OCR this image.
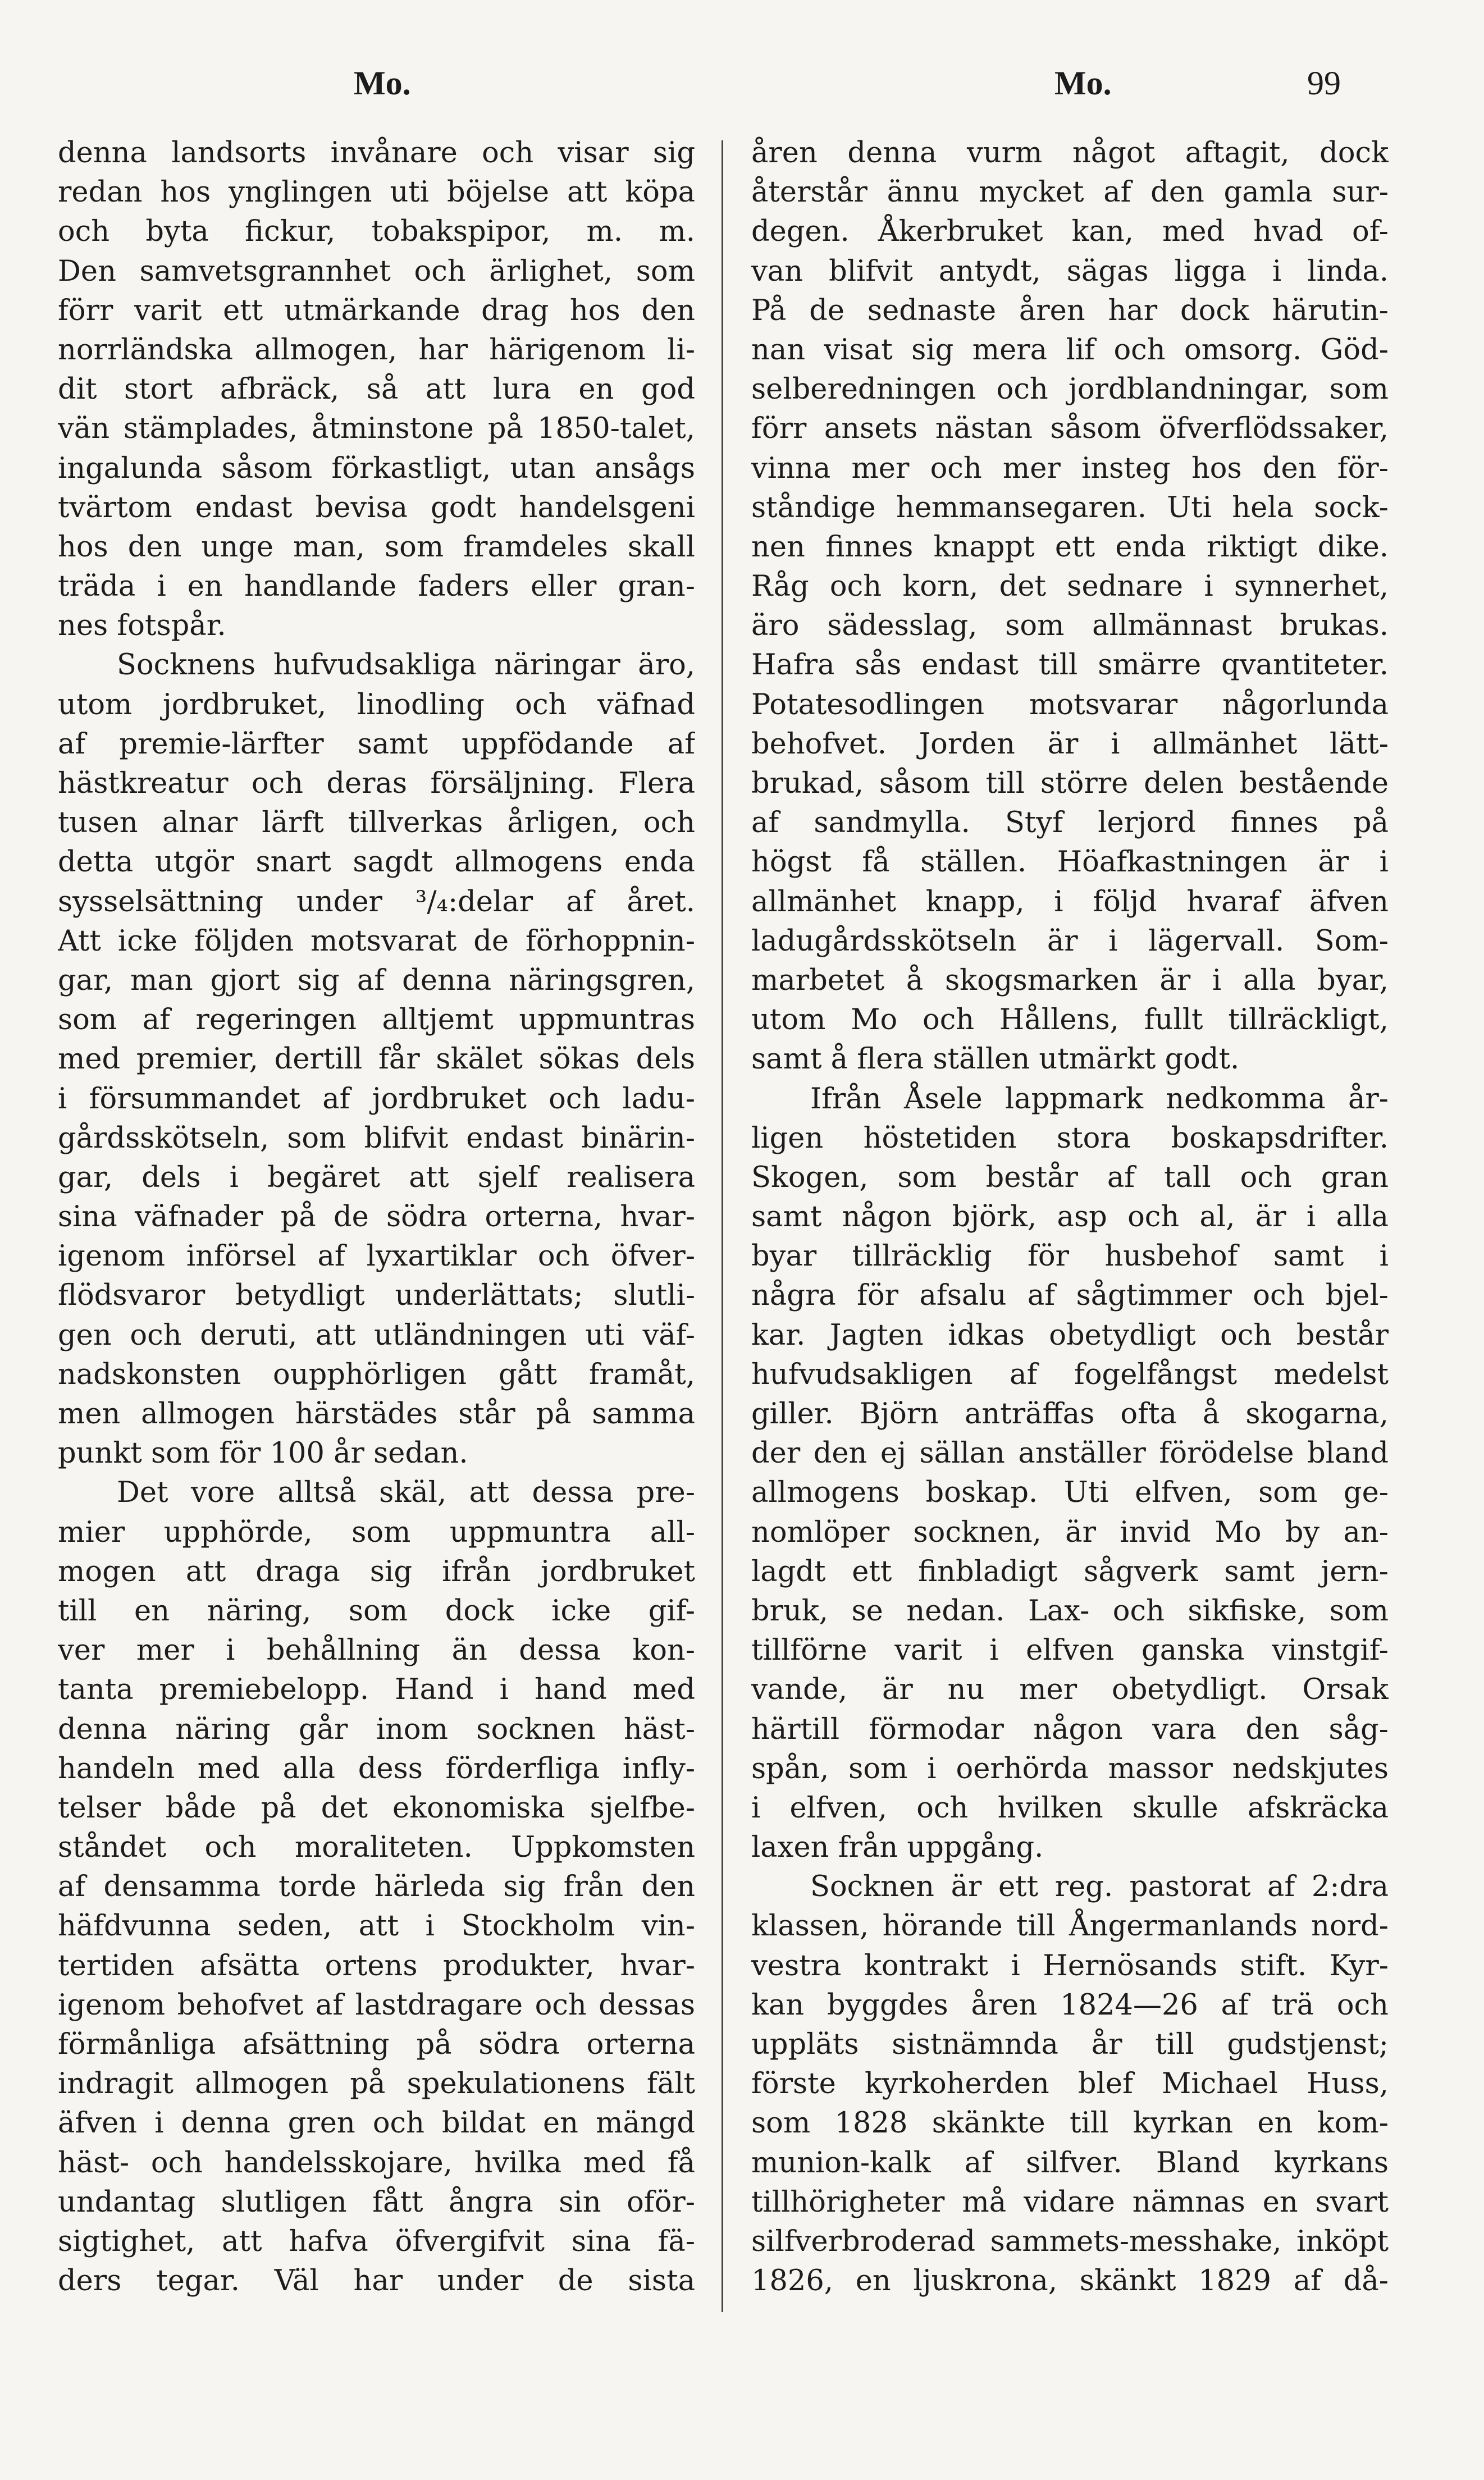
Mo.	Mo.	99
denna landsorts invånare och visar sig
redan hos ynglingen uti böjelse att köpa
och byta fickur, tobakspipor, m. m.
Den samvetsgrannhet och ärlighet, som
förr varit ett utmärkande drag hos den
norrländska allmogen, har härigenom li-
dit stort afbräck, så att lura en god
vän stämplades, åtminstone på 1850-talet,
ingalunda såsom förkastligt, utan ansågs
tvärtom endast bevisa godt handelsgeni
hos den unge man, som framdeles skall
träda i en handlande faders eller gran-
nes fotspår.
Socknens hufvudsakliga näringar äro,
utom jordbruket, linodling och väfnad
af premie-lärfter samt uppfödande af
hästkreatur och deras försäljning. Flera
tusen alnar lärft tillverkas årligen, och
detta utgör snart sagdt allmogens enda
sysselsättning under ³/₄:delar af året.
Att icke följden motsvarat de förhoppnin-
gar, man gjort sig af denna näringsgren,
som af regeringen alltjemt uppmuntras
med premier, dertill får skälet sökas dels
i försummandet af jordbruket och ladu-
gårdsskötseln, som blifvit endast binärin-
gar, dels i begäret att sjelf realisera
sina väfnader på de södra orterna, hvar-
igenom införsel af lyxartiklar och öfver-
flödsvaror betydligt underlättats; slutli-
gen och deruti, att utländningen uti väf-
nadskonsten oupphörligen gått framåt,
men allmogen härstädes står på samma
punkt som för 100 år sedan.
Det vore alltså skäl, att dessa pre-
mier upphörde, som uppmuntra all-
mogen att draga sig ifrån jordbruket
till en näring, som dock icke gif-
ver mer i behållning än dessa kon-
tanta premiebelopp. Hand i hand med
denna näring går inom socknen häst-
handeln med alla dess förderfliga infly-
telser både på det ekonomiska sjelfbe-
ståndet och moraliteten. Uppkomsten
af densamma torde härleda sig från den
häfdvunna seden, att i Stockholm vin-
tertiden afsätta ortens produkter, hvar-
igenom behofvet af lastdragare och dessas
förmånliga afsättning på södra orterna
indragit allmogen på spekulationens fält
äfven i denna gren och bildat en mängd
häst- och handelsskojare, hvilka med få
undantag slutligen fått ångra sin oför-
sigtighet, att hafva öfvergifvit sina fä-
ders tegar. Väl har under de sista
åren denna vurm något aftagit, dock
återstår ännu mycket af den gamla sur-
degen. Åkerbruket kan, med hvad of-
van blifvit antydt, sägas ligga i linda.
På de sednaste åren har dock härutin-
nan visat sig mera lif och omsorg. Göd-
selberedningen och jordblandningar, som
förr ansets nästan såsom öfverflödssaker,
vinna mer och mer insteg hos den för-
ståndige hemmansegaren. Uti hela sock-
nen finnes knappt ett enda riktigt dike.
Råg och korn, det sednare i synnerhet,
äro sädesslag, som allmännast brukas.
Hafra sås endast till smärre qvantiteter.
Potatesodlingen motsvarar någorlunda
behofvet. Jorden är i allmänhet lätt-
brukad, såsom till större delen bestående
af sandmylla. Styf lerjord finnes på
högst få ställen. Höafkastningen är i
allmänhet knapp, i följd hvaraf äfven
ladugårdsskötseln är i lägervall. Som-
marbetet å skogsmarken är i alla byar,
utom Mo och Hållens, fullt tillräckligt,
samt å flera ställen utmärkt godt.
Ifrån Åsele lappmark nedkomma år-
ligen höstetiden stora boskapsdrifter.
Skogen, som består af tall och gran
samt någon björk, asp och al, är i alla
byar tillräcklig för husbehof samt i
några för afsalu af sågtimmer och bjel-
kar. Jagten idkas obetydligt och består
hufvudsakligen af fogelfångst medelst
giller. Björn anträffas ofta å skogarna,
der den ej sällan anställer förödelse bland
allmogens boskap. Uti elfven, som ge-
nomlöper socknen, är invid Mo by an-
lagdt ett finbladigt sågverk samt jern-
bruk, se nedan. Lax- och sikfiske, som
tillförne varit i elfven ganska vinstgif-
vande, är nu mer obetydligt. Orsak
härtill förmodar någon vara den såg-
spån, som i oerhörda massor nedskjutes
i elfven, och hvilken skulle afskräcka
laxen från uppgång.
Socknen är ett reg. pastorat af 2:dra
klassen, hörande till Ångermanlands nord-
vestra kontrakt i Hernösands stift. Kyr-
kan byggdes åren 1824—26 af trä och
uppläts sistnämnda år till gudstjenst;
förste kyrkoherden blef Michael Huss,
som 1828 skänkte till kyrkan en kom-
munion-kalk af silfver. Bland kyrkans
tillhörigheter må vidare nämnas en svart
silfverbroderad sammets-messhake, inköpt
1826, en ljuskrona, skänkt 1829 af då-
